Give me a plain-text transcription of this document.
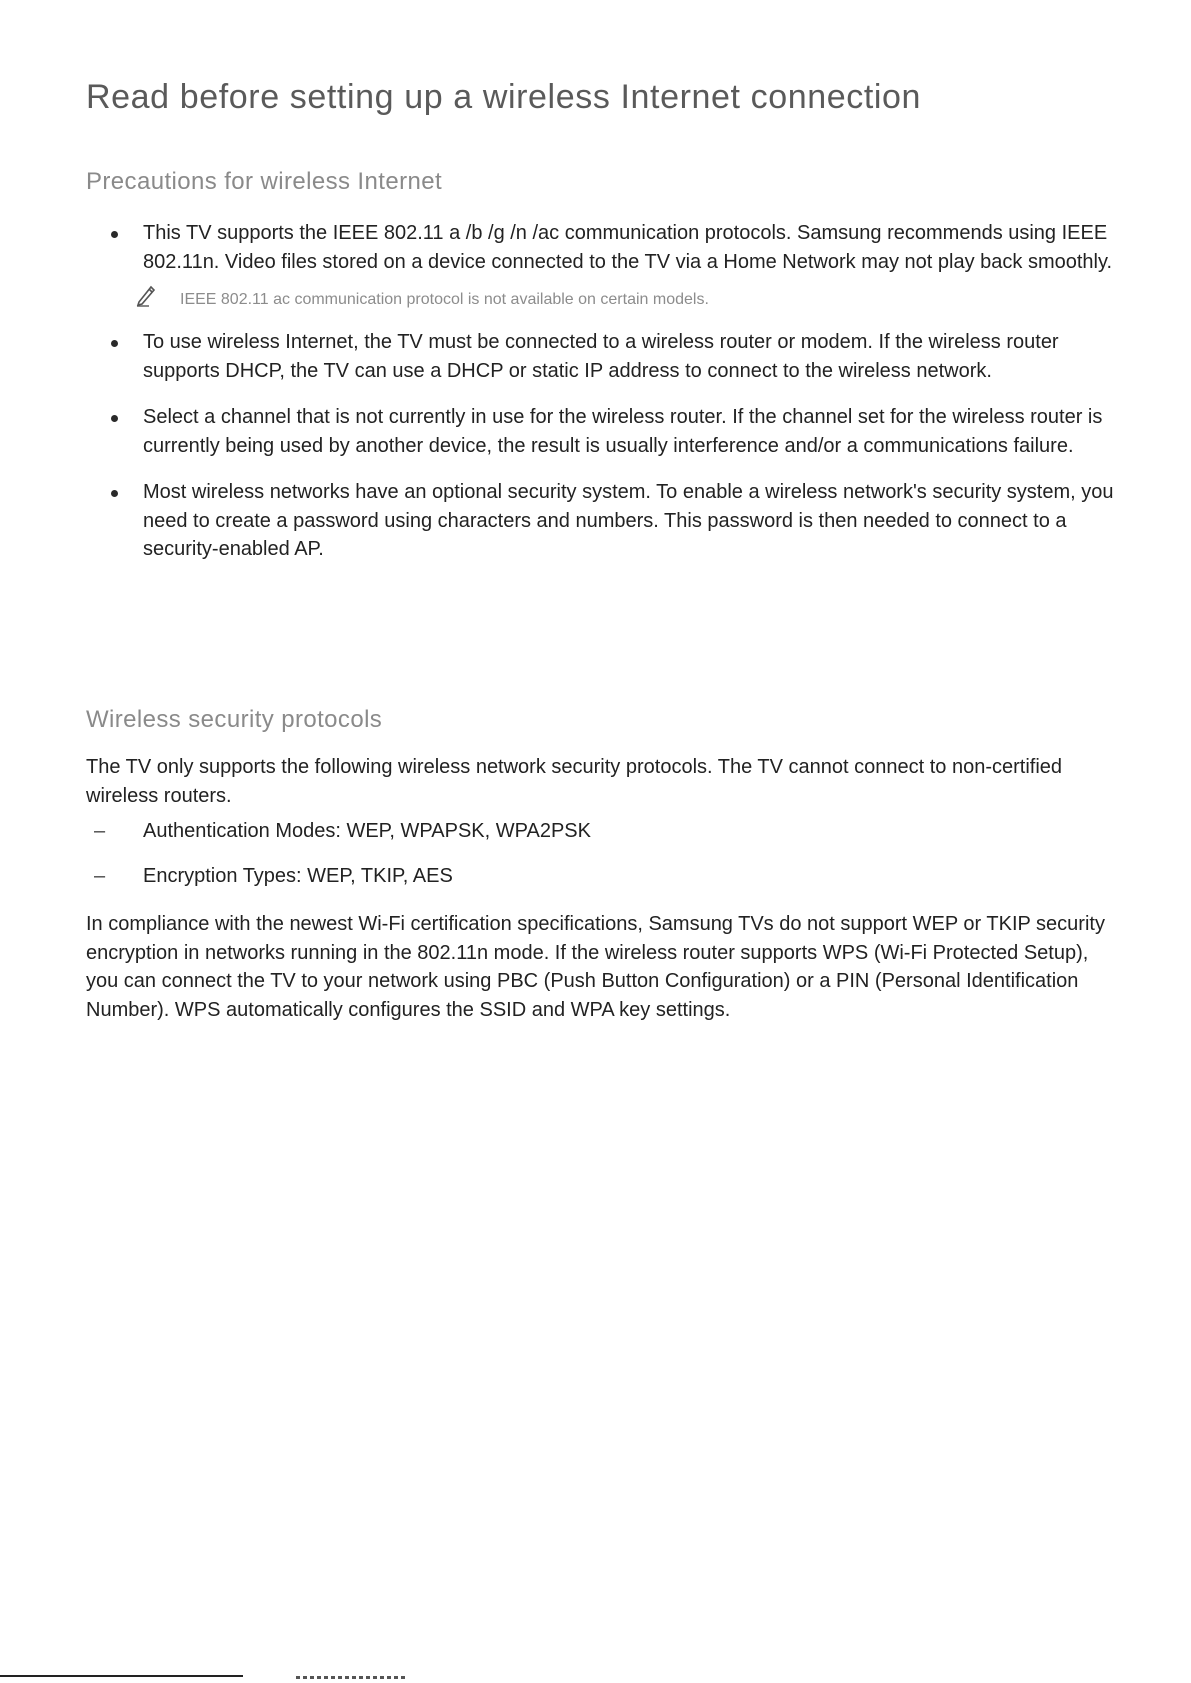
Read before setting up a wireless Internet connection
Precautions for wireless Internet
This TV supports the IEEE 802.11 a /b /g /n /ac communication protocols. Samsung recommends using IEEE 802.11n. Video files stored on a device connected to the TV via a Home Network may not play back smoothly.
IEEE 802.11 ac communication protocol is not available on certain models.
To use wireless Internet, the TV must be connected to a wireless router or modem. If the wireless router supports DHCP, the TV can use a DHCP or static IP address to connect to the wireless network.
Select a channel that is not currently in use for the wireless router. If the channel set for the wireless router is currently being used by another device, the result is usually interference and/or a communications failure.
Most wireless networks have an optional security system. To enable a wireless network's security system, you need to create a password using characters and numbers. This password is then needed to connect to a security-enabled AP.
Wireless security protocols

The TV only supports the following wireless network security protocols. The TV cannot connect to non-certified wireless routers.

– Authentication Modes: WEP, WPAPSK, WPA2PSK
– Encryption Types: WEP, TKIP, AES

In compliance with the newest Wi-Fi certification specifications, Samsung TVs do not support WEP or TKIP security encryption in networks running in the 802.11n mode. If the wireless router supports WPS (Wi-Fi Protected Setup), you can connect the TV to your network using PBC (Push Button Configuration) or a PIN (Personal Identification Number). WPS automatically configures the SSID and WPA key settings.
